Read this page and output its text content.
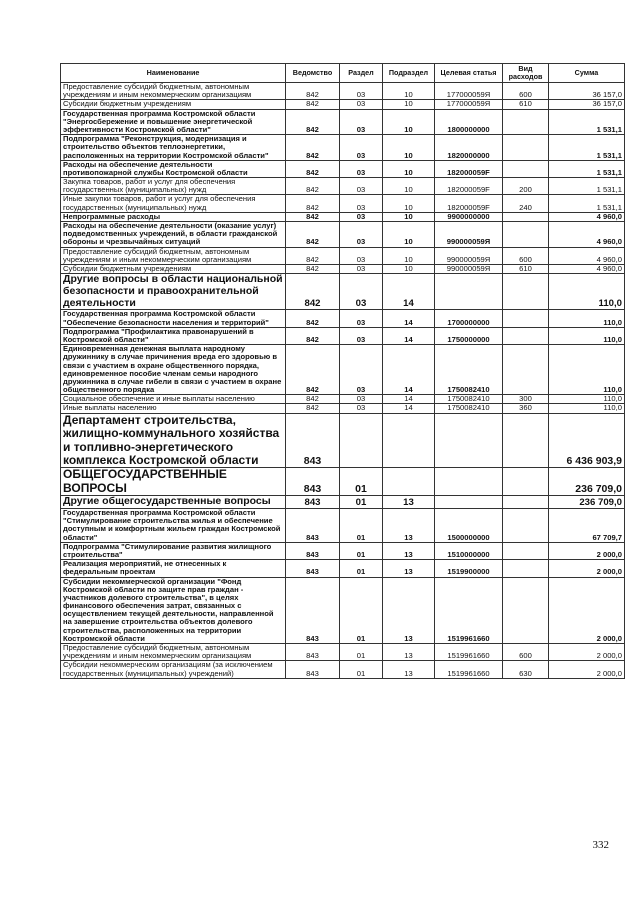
Наименование	Ведомство	Раздел	Подраздел	Целевая статья	Вид расходов	Сумма
Предоставление субсидий бюджетным, автономным учреждениям и иным некоммерческим организациям	842	03	10	177000059Я	600	36 157,0
Субсидии бюджетным учреждениям	842	03	10	177000059Я	610	36 157,0
Государственная программа Костромской области "Энергосбережение и повышение энергетической эффективности Костромской области"	842	03	10	1800000000		1 531,1
Подпрограмма "Реконструкция, модернизация и строительство объектов теплоэнергетики, расположенных на территории Костромской области"	842	03	10	1820000000		1 531,1
Расходы на обеспечение деятельности противопожарной службы Костромской области	842	03	10	182000059F		1 531,1
Закупка товаров, работ и услуг для обеспечения государственных (муниципальных) нужд	842	03	10	182000059F	200	1 531,1
Иные закупки товаров, работ и услуг для обеспечения государственных (муниципальных) нужд	842	03	10	182000059F	240	1 531,1
Непрограммные расходы	842	03	10	9900000000		4 960,0
Расходы на обеспечение деятельности (оказание услуг) подведомственных учреждений, в области гражданской обороны и чрезвычайных ситуаций	842	03	10	990000059Я		4 960,0
Предоставление субсидий бюджетным, автономным учреждениям и иным некоммерческим организациям	842	03	10	990000059Я	600	4 960,0
Субсидии бюджетным учреждениям	842	03	10	990000059Я	610	4 960,0
Другие вопросы в области национальной безопасности и правоохранительной деятельности	842	03	14			110,0
Государственная программа Костромской области "Обеспечение безопасности населения и территорий"	842	03	14	1700000000		110,0
Подпрограмма "Профилактика правонарушений в Костромской области"	842	03	14	1750000000		110,0
Единовременная денежная выплата народному дружиннику в случае причинения вреда его здоровью в связи с участием в охране общественного порядка, единовременное пособие членам семьи народного дружинника в случае гибели в связи с участием в охране общественного порядка	842	03	14	1750082410		110,0
Социальное обеспечение и иные выплаты населению	842	03	14	1750082410	300	110,0
Иные выплаты населению	842	03	14	1750082410	360	110,0
Департамент строительства, жилищно-коммунального хозяйства и топливно-энергетического комплекса Костромской области	843					6 436 903,9
ОБЩЕГОСУДАРСТВЕННЫЕ ВОПРОСЫ	843	01				236 709,0
Другие общегосударственные вопросы	843	01	13			236 709,0
Государственная программа Костромской области "Стимулирование строительства жилья и обеспечение доступным и комфортным жильем граждан Костромской области"	843	01	13	1500000000		67 709,7
Подпрограмма "Стимулирование развития жилищного строительства"	843	01	13	1510000000		2 000,0
Реализация мероприятий, не отнесенных к федеральным проектам	843	01	13	1519900000		2 000,0
Субсидии некоммерческой организации "Фонд Костромской области по защите прав граждан - участников долевого строительства", в целях финансового обеспечения затрат, связанных с осуществлением текущей деятельности, направленной на завершение строительства объектов долевого строительства, расположенных на территории Костромской области	843	01	13	1519961660		2 000,0
Предоставление субсидий бюджетным, автономным учреждениям и иным некоммерческим организациям	843	01	13	1519961660	600	2 000,0
Субсидии некоммерческим организациям (за исключением государственных (муниципальных) учреждений)	843	01	13	1519961660	630	2 000,0
332
